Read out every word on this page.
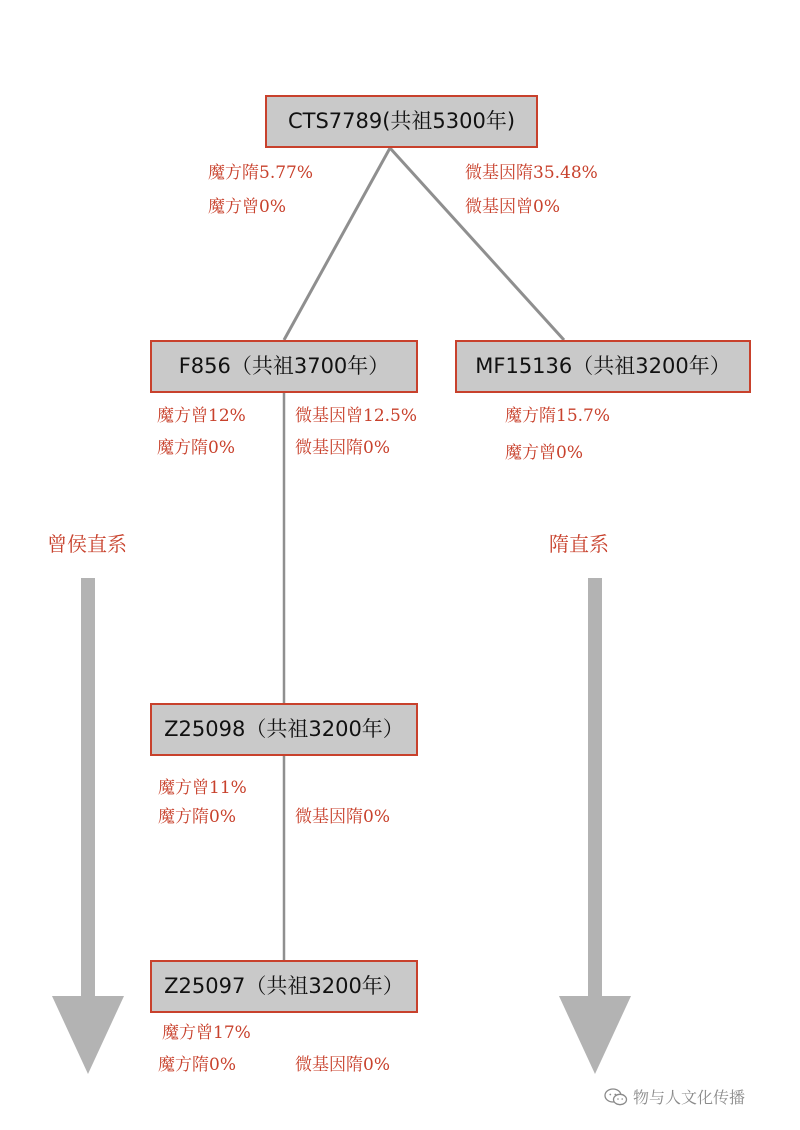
CTS7789(共祖5300年)
F856（共祖3700年）	MF15136（共祖3200年）
Z25098（共祖3200年）
Z25097（共祖3200年）
魔方隋5.77%
魔方曾0%
微基因隋35.48%
微基因曾0%
魔方曾12%
魔方隋0%
微基因曾12.5%
微基因隋0%
魔方隋15.7%
魔方曾0%
曾侯直系	隋直系
魔方曾11%
魔方隋0%	微基因隋0%
魔方曾17%
魔方隋0%	微基因隋0%
物与人文化传播
